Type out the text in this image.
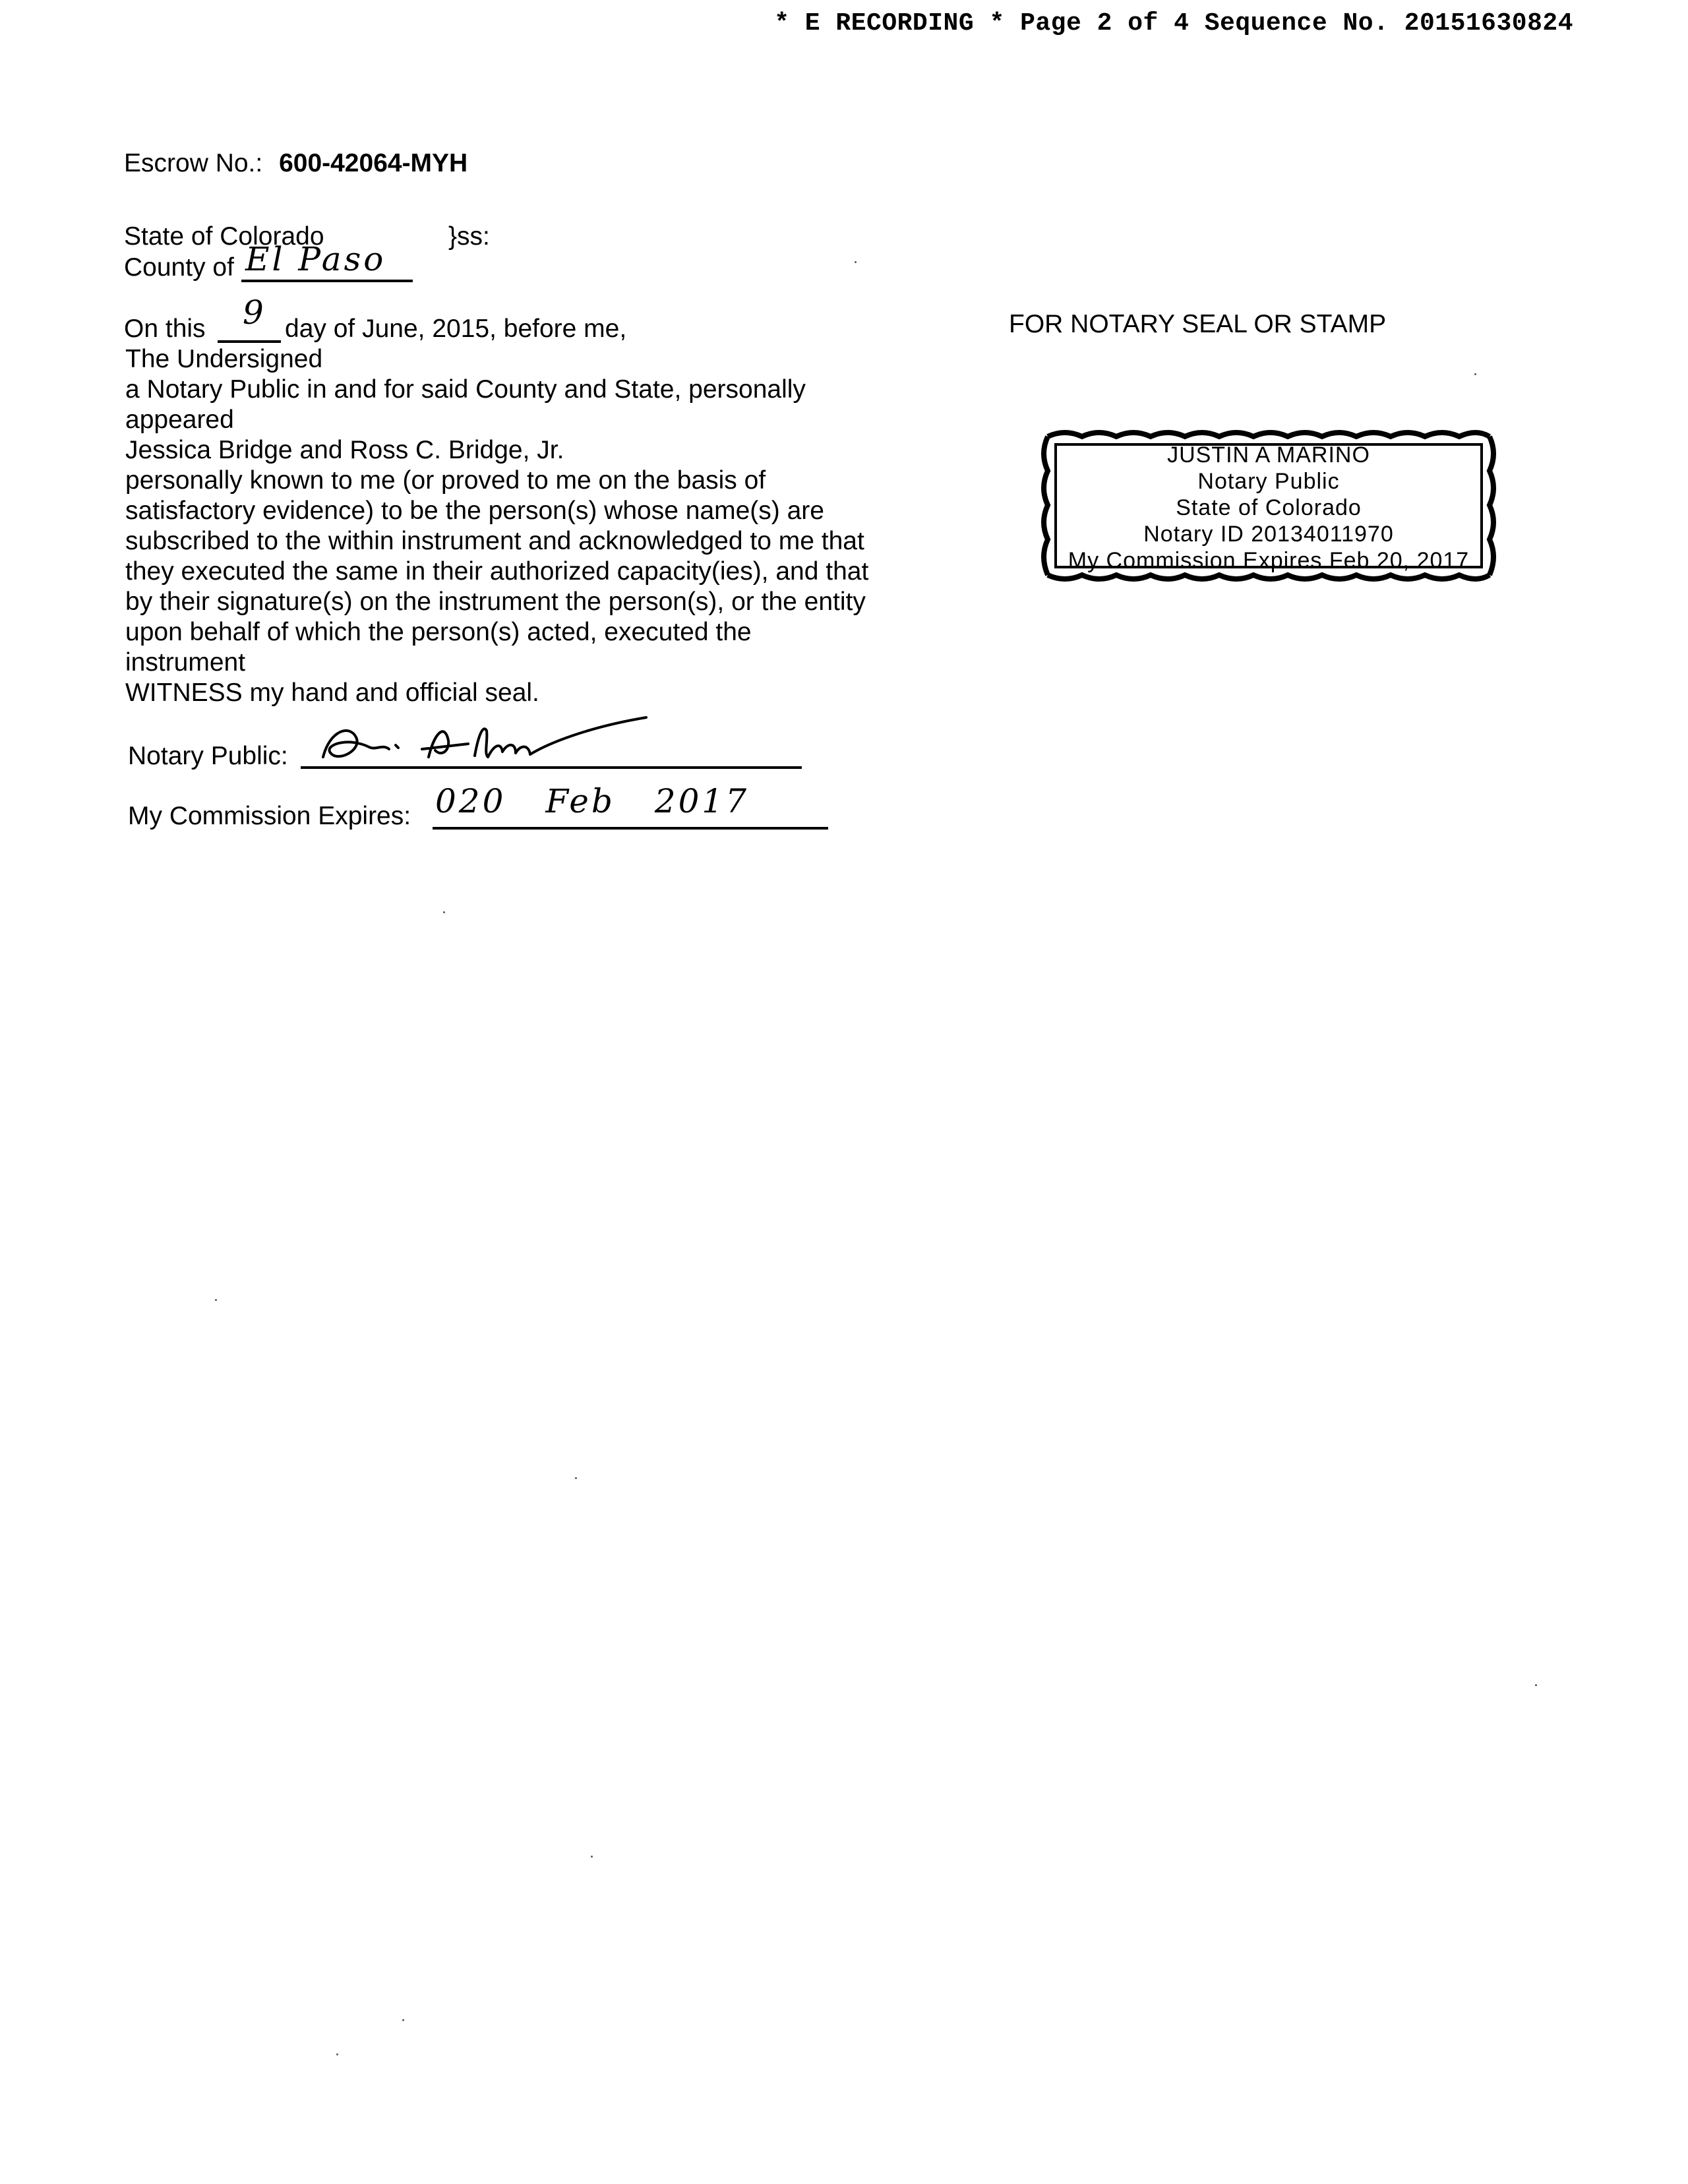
* E RECORDING * Page 2 of 4 Sequence No. 20151630824
Escrow No.: 600-42064-MYH
State of Colorado	}ss:
County of El Paso
On this 9 day of June, 2015, before me,
The Undersigned
a Notary Public in and for said County and State, personally
appeared
Jessica Bridge and Ross C. Bridge, Jr.
personally known to me (or proved to me on the basis of
satisfactory evidence) to be the person(s) whose name(s) are
subscribed to the within instrument and acknowledged to me that
they executed the same in their authorized capacity(ies), and that
by their signature(s) on the instrument the person(s), or the entity
upon behalf of which the person(s) acted, executed the
instrument
WITNESS my hand and official seal.
Notary Public:
My Commission Expires: 020 Feb 2017
FOR NOTARY SEAL OR STAMP
JUSTIN A MARINO
Notary Public
State of Colorado
Notary ID 20134011970
My Commission Expires Feb 20, 2017
